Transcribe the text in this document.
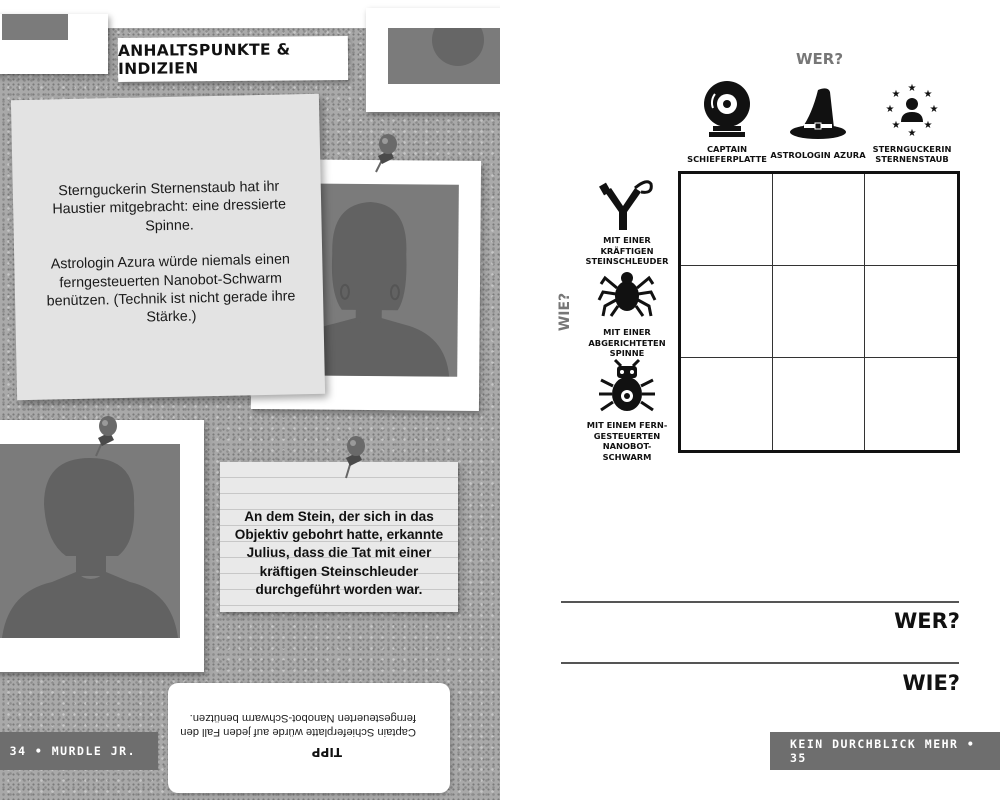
ANHALTSPUNKTE & INDIZIEN

Sternguckerin Sternenstaub hat ihr Haustier mitgebracht: eine dressierte Spinne.

Astrologin Azura würde niemals einen ferngesteuerten Nanobot-Schwarm benützen. (Technik ist nicht gerade ihre Stärke.)

An dem Stein, der sich in das Objektiv gebohrt hatte, erkannte Julius, dass die Tat mit einer kräftigen Steinschleuder durchgeführt worden war.
TIPP
Captain Schieferplatte würde auf jeden Fall den ferngesteuerten Nanobot-Schwarm benützen.
34 • MURDLE JR.
WER?
WIE?
CAPTAIN SCHIEFERPLATTE ASTROLOGIN AZURA
★
★ ★
★	★
★ ★
★
STERNGUCKERIN STERNENSTAUB
MIT EINER KRÄFTIGEN STEINSCHLEUDER
MIT EINER ABGERICHTETEN SPINNE
MIT EINEM FERNGESTEUERTEN NANOBOT-SCHWARM
WER?
WIE?
KEIN DURCHBLICK MEHR • 35
